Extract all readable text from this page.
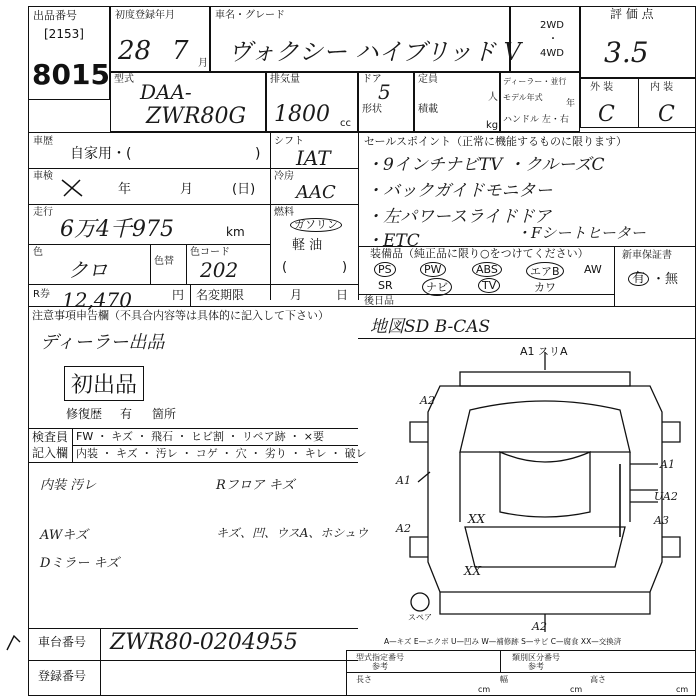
出品番号
[2153]
8015
初度登録年月
28 7 月
車名・グレード
ヴォクシー ハイブリッド V
2WD
・
4WD
評 価 点
3.5
外 装	内 装
C C
型式
DAA-
ZWR80G
排気量
1800 cc
ドア
5
形状
定員
人
積載
kg
ディーラー・並行
モデル年式
年
ハンドル 左・右
車歴
自家用・(	)
シフト
IAT
車検
年	月	(日)
冷房
AAC
走行
6万4千975	km
燃料
ガソリン
軽 油
(	)
色
クロ	色替
色コード
202
R券 12,470	円 名変期限	月	日
セールスポイント（正常に機能するものに限ります）
・9インチナビTV ・クルーズC
・バックガイドモニター
・左パワースライドドア
・ETC	・Fシートヒーター
装備品（純正品に限り○をつけてください）	新車保証書
有 ・無
PS	PW	ABS	エアB	AW
SR	ナビ	TV	カワ
後日品
地図SD B-CAS
注意事項申告欄（不具合内容等は具体的に記入して下さい）
ディーラー出品
初出品
修復歴 有 箇所
検査員
記入欄
FW ・ キズ ・ 飛石 ・ ヒビ割 ・ リペア跡 ・ ×要
内装 ・ キズ ・ 汚レ ・ コゲ ・ 穴 ・ 劣り ・ キレ ・ 破レ
内装 汚レ	Rフロア キズ
AWキズ	キズ、凹、ウスA、ホシュウ
Dミラー キズ
A1 スリA
A2
A1
A2
XX
XX
A1
UA2
A3
A2
スペア
A—キズ E—エクボ U—凹み W—補修跡 S—サビ C—腐食 XX—交換済
車台番号 ZWR80-0204955
登録番号
型式指定番号
参考
類別区分番号
参考
長さ
cm
幅
cm
高さ
cm
